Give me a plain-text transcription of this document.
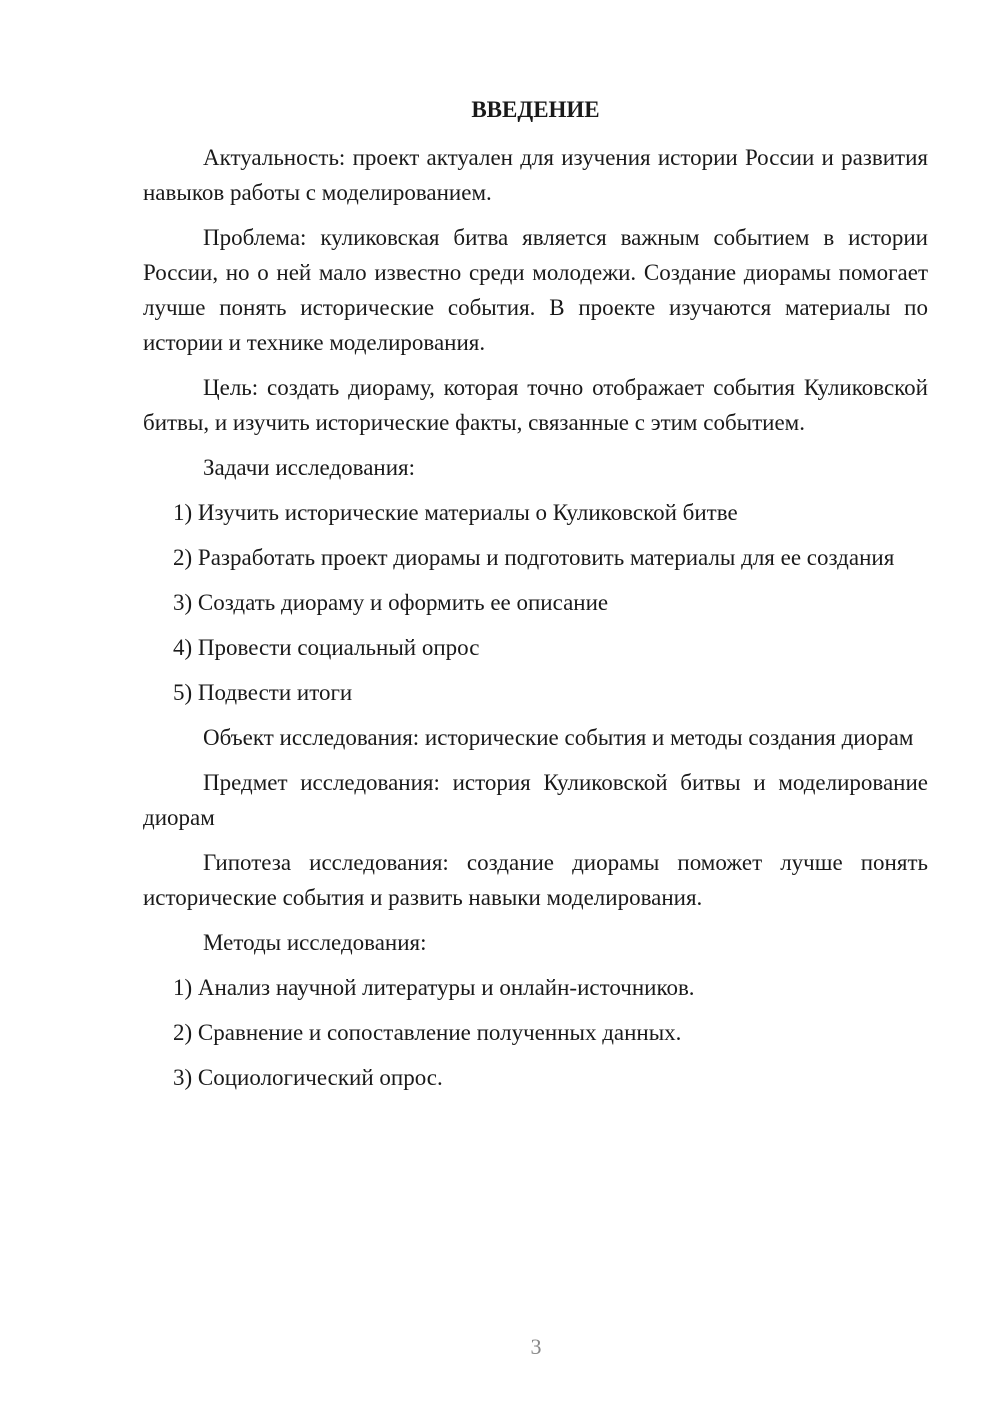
ВВЕДЕНИЕ

Актуальность: проект актуален для изучения истории России и развития навыков работы с моделированием.

Проблема: куликовская битва является важным событием в истории России, но о ней мало известно среди молодежи. Создание диорамы помогает лучше понять исторические события. В проекте изучаются материалы по истории и технике моделирования.

Цель: создать диораму, которая точно отображает события Куликовской битвы, и изучить исторические факты, связанные с этим событием.

Задачи исследования:

1) Изучить исторические материалы о Куликовской битве

2) Разработать проект диорамы и подготовить материалы для ее создания

3) Создать диораму и оформить ее описание

4) Провести социальный опрос

5) Подвести итоги

Объект исследования: исторические события и методы создания диорам

Предмет исследования: история Куликовской битвы и моделирование диорам

Гипотеза исследования: создание диорамы поможет лучше понять исторические события и развить навыки моделирования.

Методы исследования:

1) Анализ научной литературы и онлайн-источников.

2) Сравнение и сопоставление полученных данных.

3) Социологический опрос.

3
